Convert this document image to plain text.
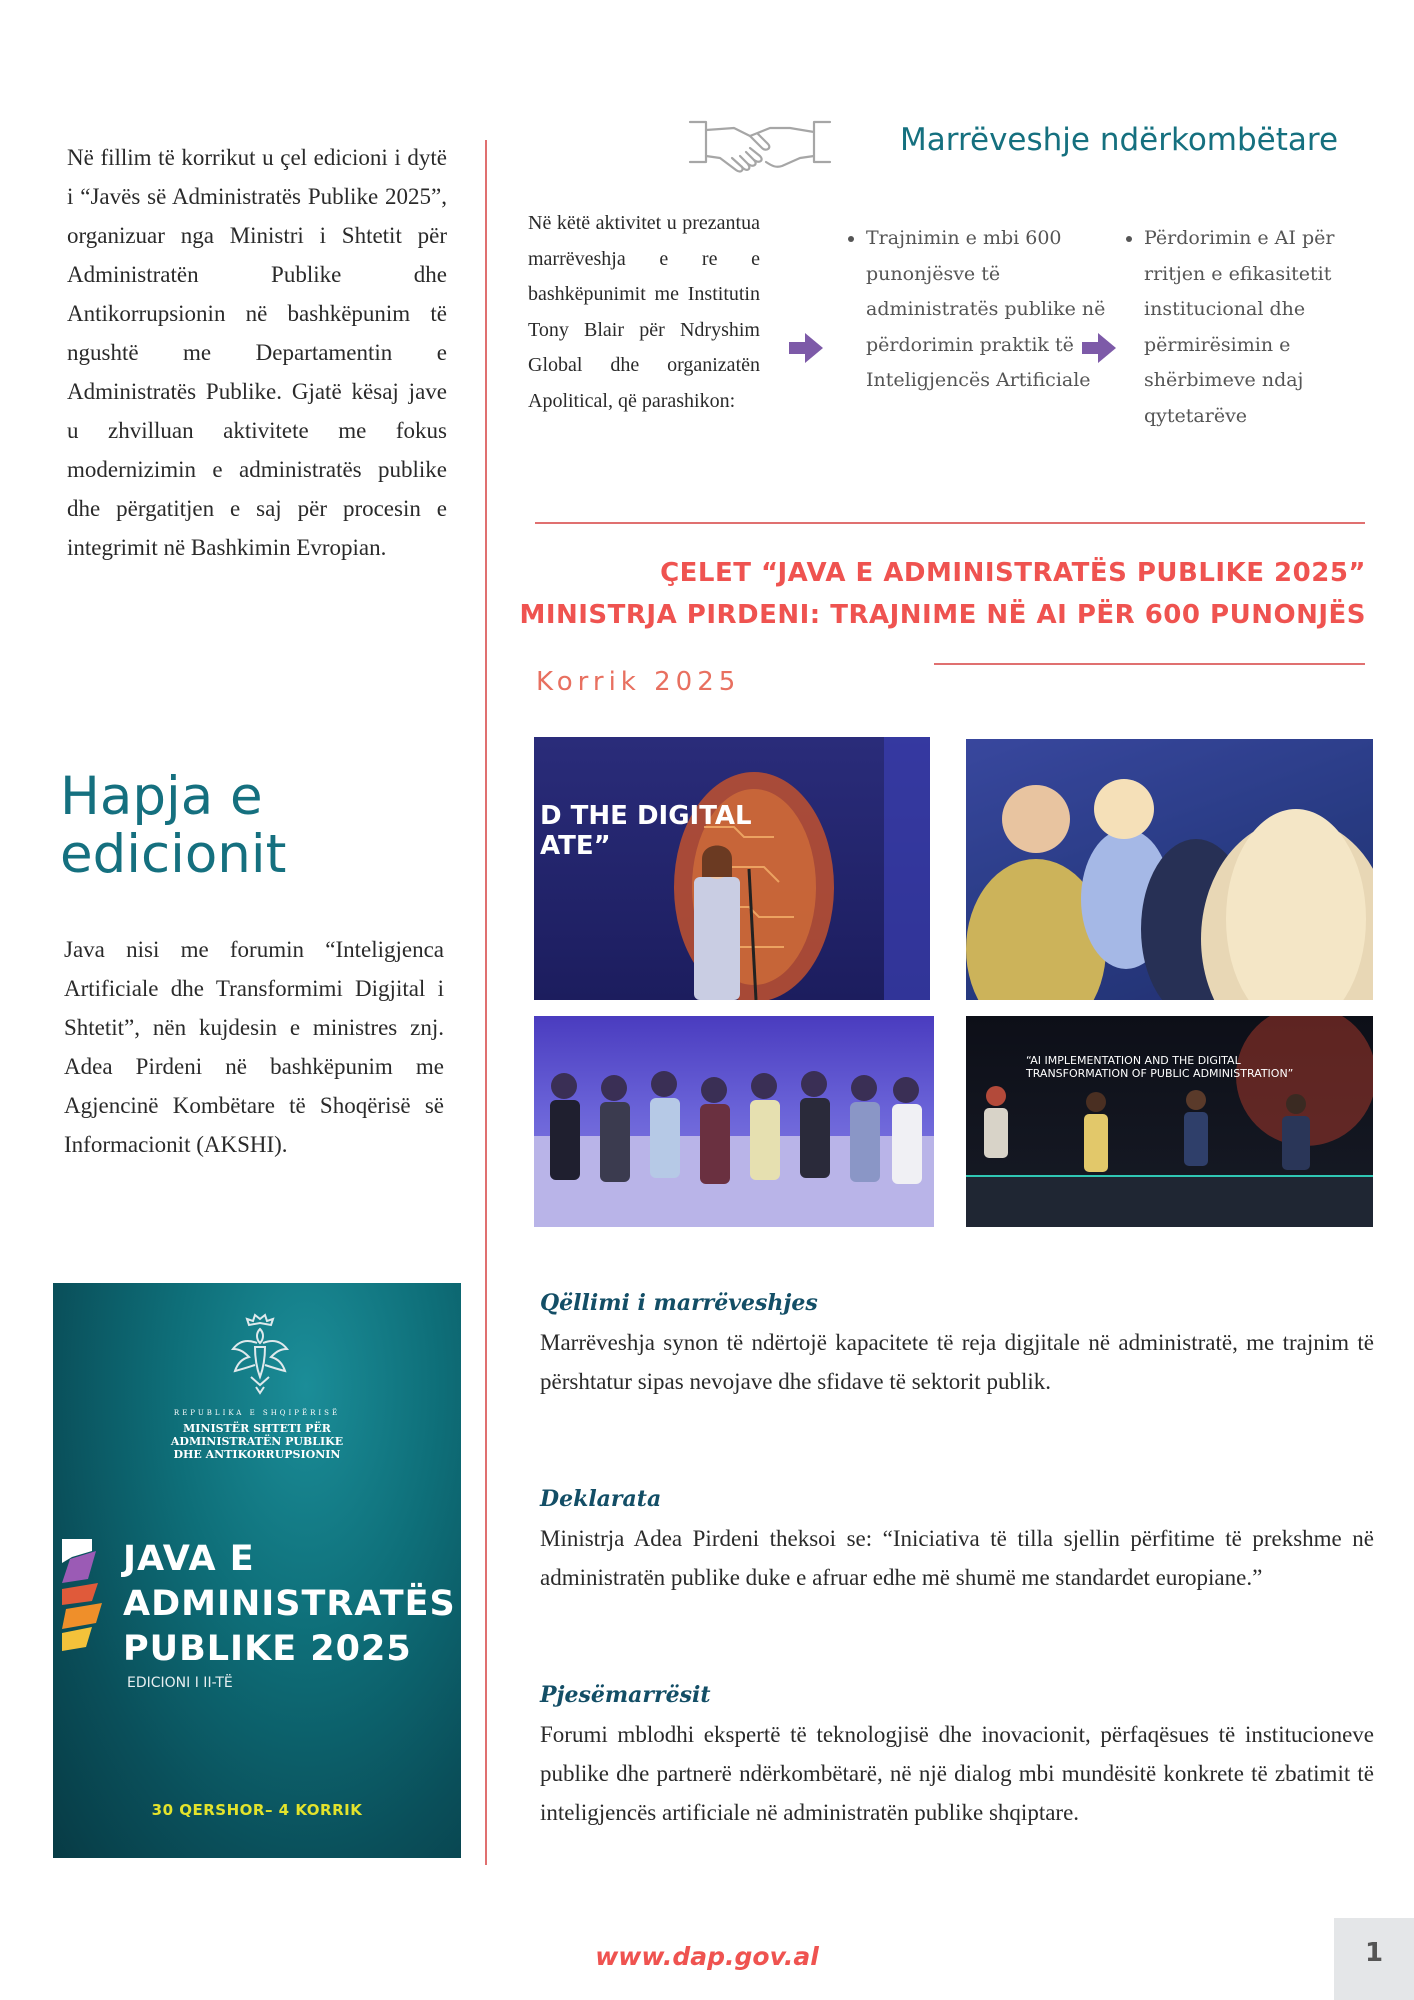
Në fillim të korrikut u çel edicioni i dytë i “Javës së Administratës Publike 2025”, organizuar nga Ministri i Shtetit për Administratën Publike dhe Antikorrupsionin në bashkëpunim të ngushtë me Departamentin e Administratës Publike. Gjatë kësaj jave u zhvilluan aktivitete me fokus modernizimin e administratës publike dhe përgatitjen e saj për procesin e integrimit në Bashkimin Evropian.
Hapja e edicionit
Java nisi me forumin “Inteligjenca Artificiale dhe Transformimi Digjital i Shtetit”, nën kujdesin e ministres znj. Adea Pirdeni në bashkëpunim me Agjencinë Kombëtare të Shoqërisë së Informacionit (AKSHI).
REPUBLIKA E SHQIPËRISË
MINISTËR SHTETI PËR
ADMINISTRATËN PUBLIKE
DHE ANTIKORRUPSIONIN
JAVA E
ADMINISTRATËS
PUBLIKE 2025
EDICIONI I II-TË
30 QERSHOR– 4 KORRIK
Marrëveshje ndërkombëtare
Në këtë aktivitet u prezantua marrëveshja e re e bashkëpunimit me Institutin Tony Blair për Ndryshim Global dhe organizatën Apolitical, që parashikon:
• Trajnimin e mbi 600 punonjësve të administratës publike në përdorimin praktik të Inteligjencës Artificiale
• Përdorimin e AI për rritjen e efikasitetit institucional dhe përmirësimin e shërbimeve ndaj qytetarëve
ÇELET “JAVA E ADMINISTRATËS PUBLIKE 2025”
MINISTRJA PIRDENI: TRAJNIME NË AI PËR 600 PUNONJËS
Korrik 2025
D THE DIGITAL
ATE”
“AI IMPLEMENTATION AND THE DIGITAL
TRANSFORMATION OF PUBLIC ADMINISTRATION”
Qëllimi i marrëveshjes

Marrëveshja synon të ndërtojë kapacitete të reja digjitale në administratë, me trajnim të përshtatur sipas nevojave dhe sfidave të sektorit publik.

Deklarata

Ministrja Adea Pirdeni theksoi se: “Iniciativa të tilla sjellin përfitime të prekshme në administratën publike duke e afruar edhe më shumë me standardet europiane.”

Pjesëmarrësit

Forumi mblodhi ekspertë të teknologjisë dhe inovacionit, përfaqësues të institucioneve publike dhe partnerë ndërkombëtarë, në një dialog mbi mundësitë konkrete të zbatimit të inteligjencës artificiale në administratën publike shqiptare.

www.dap.gov.al	1
